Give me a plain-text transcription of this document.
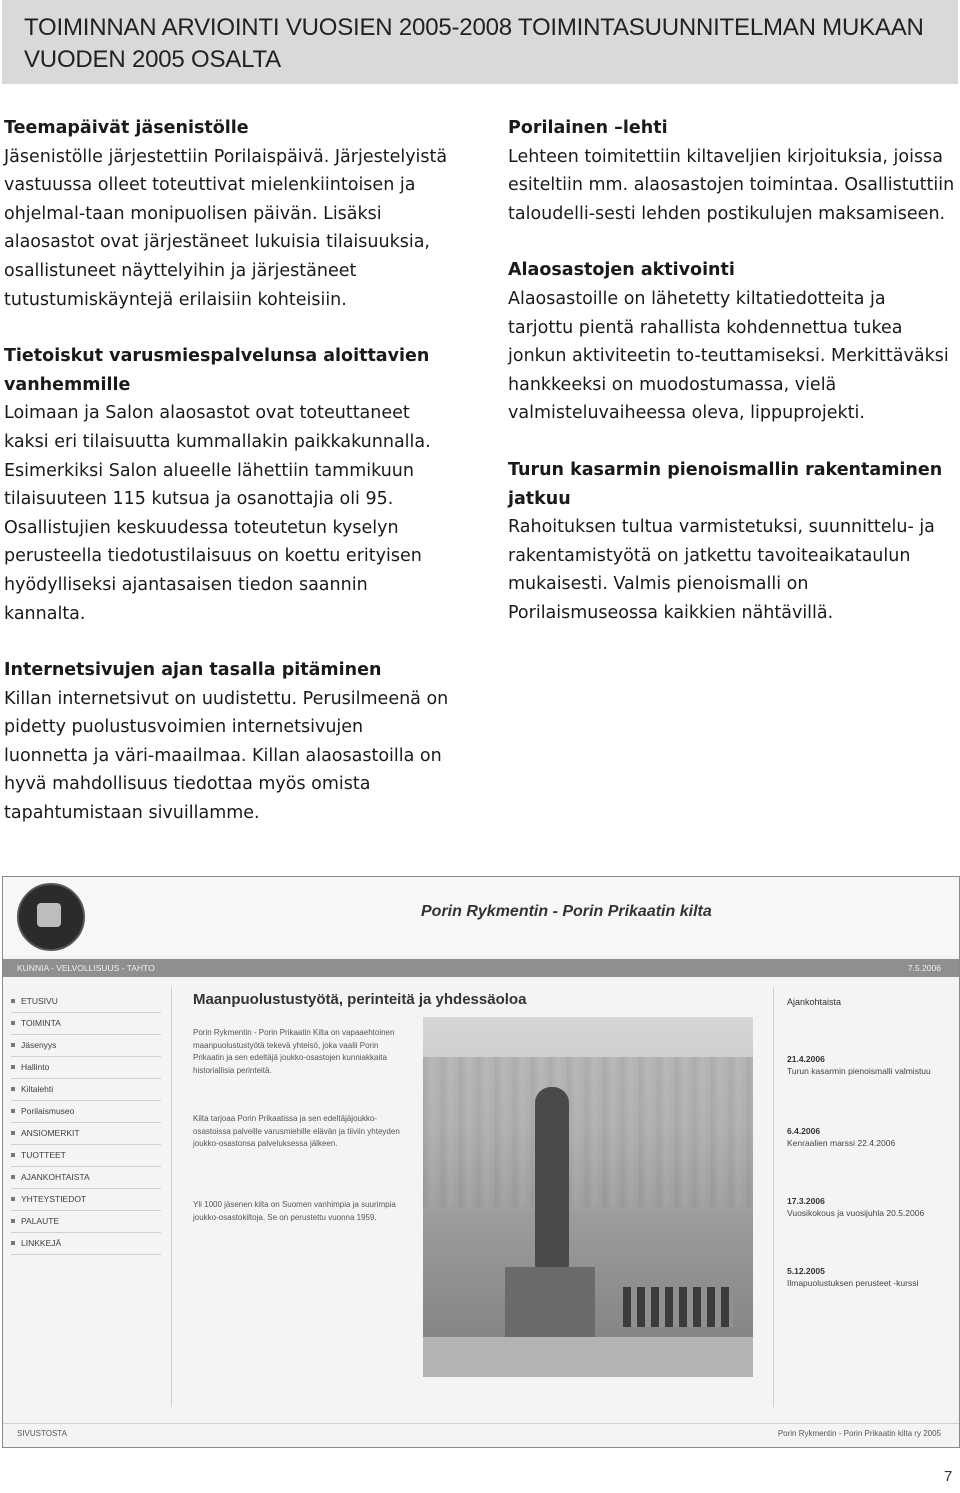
TOIMINNAN ARVIOINTI VUOSIEN 2005-2008 TOIMINTASUUNNITELMAN MUKAAN
VUODEN 2005 OSALTA
Teemapäivät jäsenistölle

Jäsenistölle järjestettiin Porilaispäivä. Järjestelyistä vastuussa olleet toteuttivat mielenkiintoisen ja ohjelmal-taan monipuolisen päivän. Lisäksi alaosastot ovat järjestäneet lukuisia tilaisuuksia, osallistuneet näyttelyihin ja järjestäneet tutustumiskäyntejä erilaisiin kohteisiin.

Tietoiskut varusmiespalvelunsa aloittavien vanhemmille

Loimaan ja Salon alaosastot ovat toteuttaneet kaksi eri tilaisuutta kummallakin paikkakunnalla. Esimerkiksi Salon alueelle lähettiin tammikuun tilaisuuteen 115 kutsua ja osanottajia oli 95. Osallistujien keskuudessa toteutetun kyselyn perusteella tiedotustilaisuus on koettu erityisen hyödylliseksi ajantasaisen tiedon saannin kannalta.

Internetsivujen ajan tasalla pitäminen

Killan internetsivut on uudistettu. Perusilmeenä on pidetty puolustusvoimien internetsivujen luonnetta ja väri-maailmaa. Killan alaosastoilla on hyvä mahdollisuus tiedottaa myös omista tapahtumistaan sivuillamme.

Porilainen –lehti

Lehteen toimitettiin kiltaveljien kirjoituksia, joissa esiteltiin mm. alaosastojen toimintaa. Osallistuttiin taloudelli-sesti lehden postikulujen maksamiseen.

Alaosastojen aktivointi

Alaosastoille on lähetetty kiltatiedotteita ja tarjottu pientä rahallista kohdennettua tukea jonkun aktiviteetin to-teuttamiseksi. Merkittäväksi hankkeeksi on muodostumassa, vielä valmisteluvaiheessa oleva, lippuprojekti.

Turun kasarmin pienoismallin rakentaminen jatkuu

Rahoituksen tultua varmistetuksi, suunnittelu- ja rakentamistyötä on jatkettu tavoiteaikataulun mukaisesti. Valmis pienoismalli on Porilaismuseossa kaikkien nähtävillä.

Porin Rykmentin - Porin Prikaatin kilta
KUNNIA - VELVOLLISUUS - TAHTO	7.5.2006
ETUSIVU
TOIMINTA
Jäsenyys
Hallinto
Kiltalehti
Porilaismuseo
ANSIOMERKIT
TUOTTEET
AJANKOHTAISTA
YHTEYSTIEDOT
PALAUTE
LINKKEJÄ
Maanpuolustustyötä, perinteitä ja yhdessäoloa

Porin Rykmentin - Porin Prikaatin Kilta on vapaaehtoinen maanpuolustustyötä tekevä yhteisö, joka vaalii Porin Prikaatin ja sen edeltäjä joukko-osastojen kunniakkaita historiallisia perinteitä.

Kilta tarjoaa Porin Prikaatissa ja sen edeltäjäjoukko-osastoissa palveille varusmiehille elävän ja tiiviin yhteyden joukko-osastonsa palveluksessa jälkeen.

Yli 1000 jäsenen kilta on Suomen vanhimpia ja suurimpia joukko-osastokiltoja. Se on perustettu vuonna 1959.

Ajankohtaista
21.4.2006
Turun kasarmin pienoismalli valmistuu
6.4.2006
Kenraalien marssi 22.4.2006
17.3.2006
Vuosikokous ja vuosijuhla 20.5.2006
5.12.2005
Ilmapuolustuksen perusteet -kurssi
SIVUSTOSTA	Porin Rykmentin - Porin Prikaatin kilta ry 2005
7
